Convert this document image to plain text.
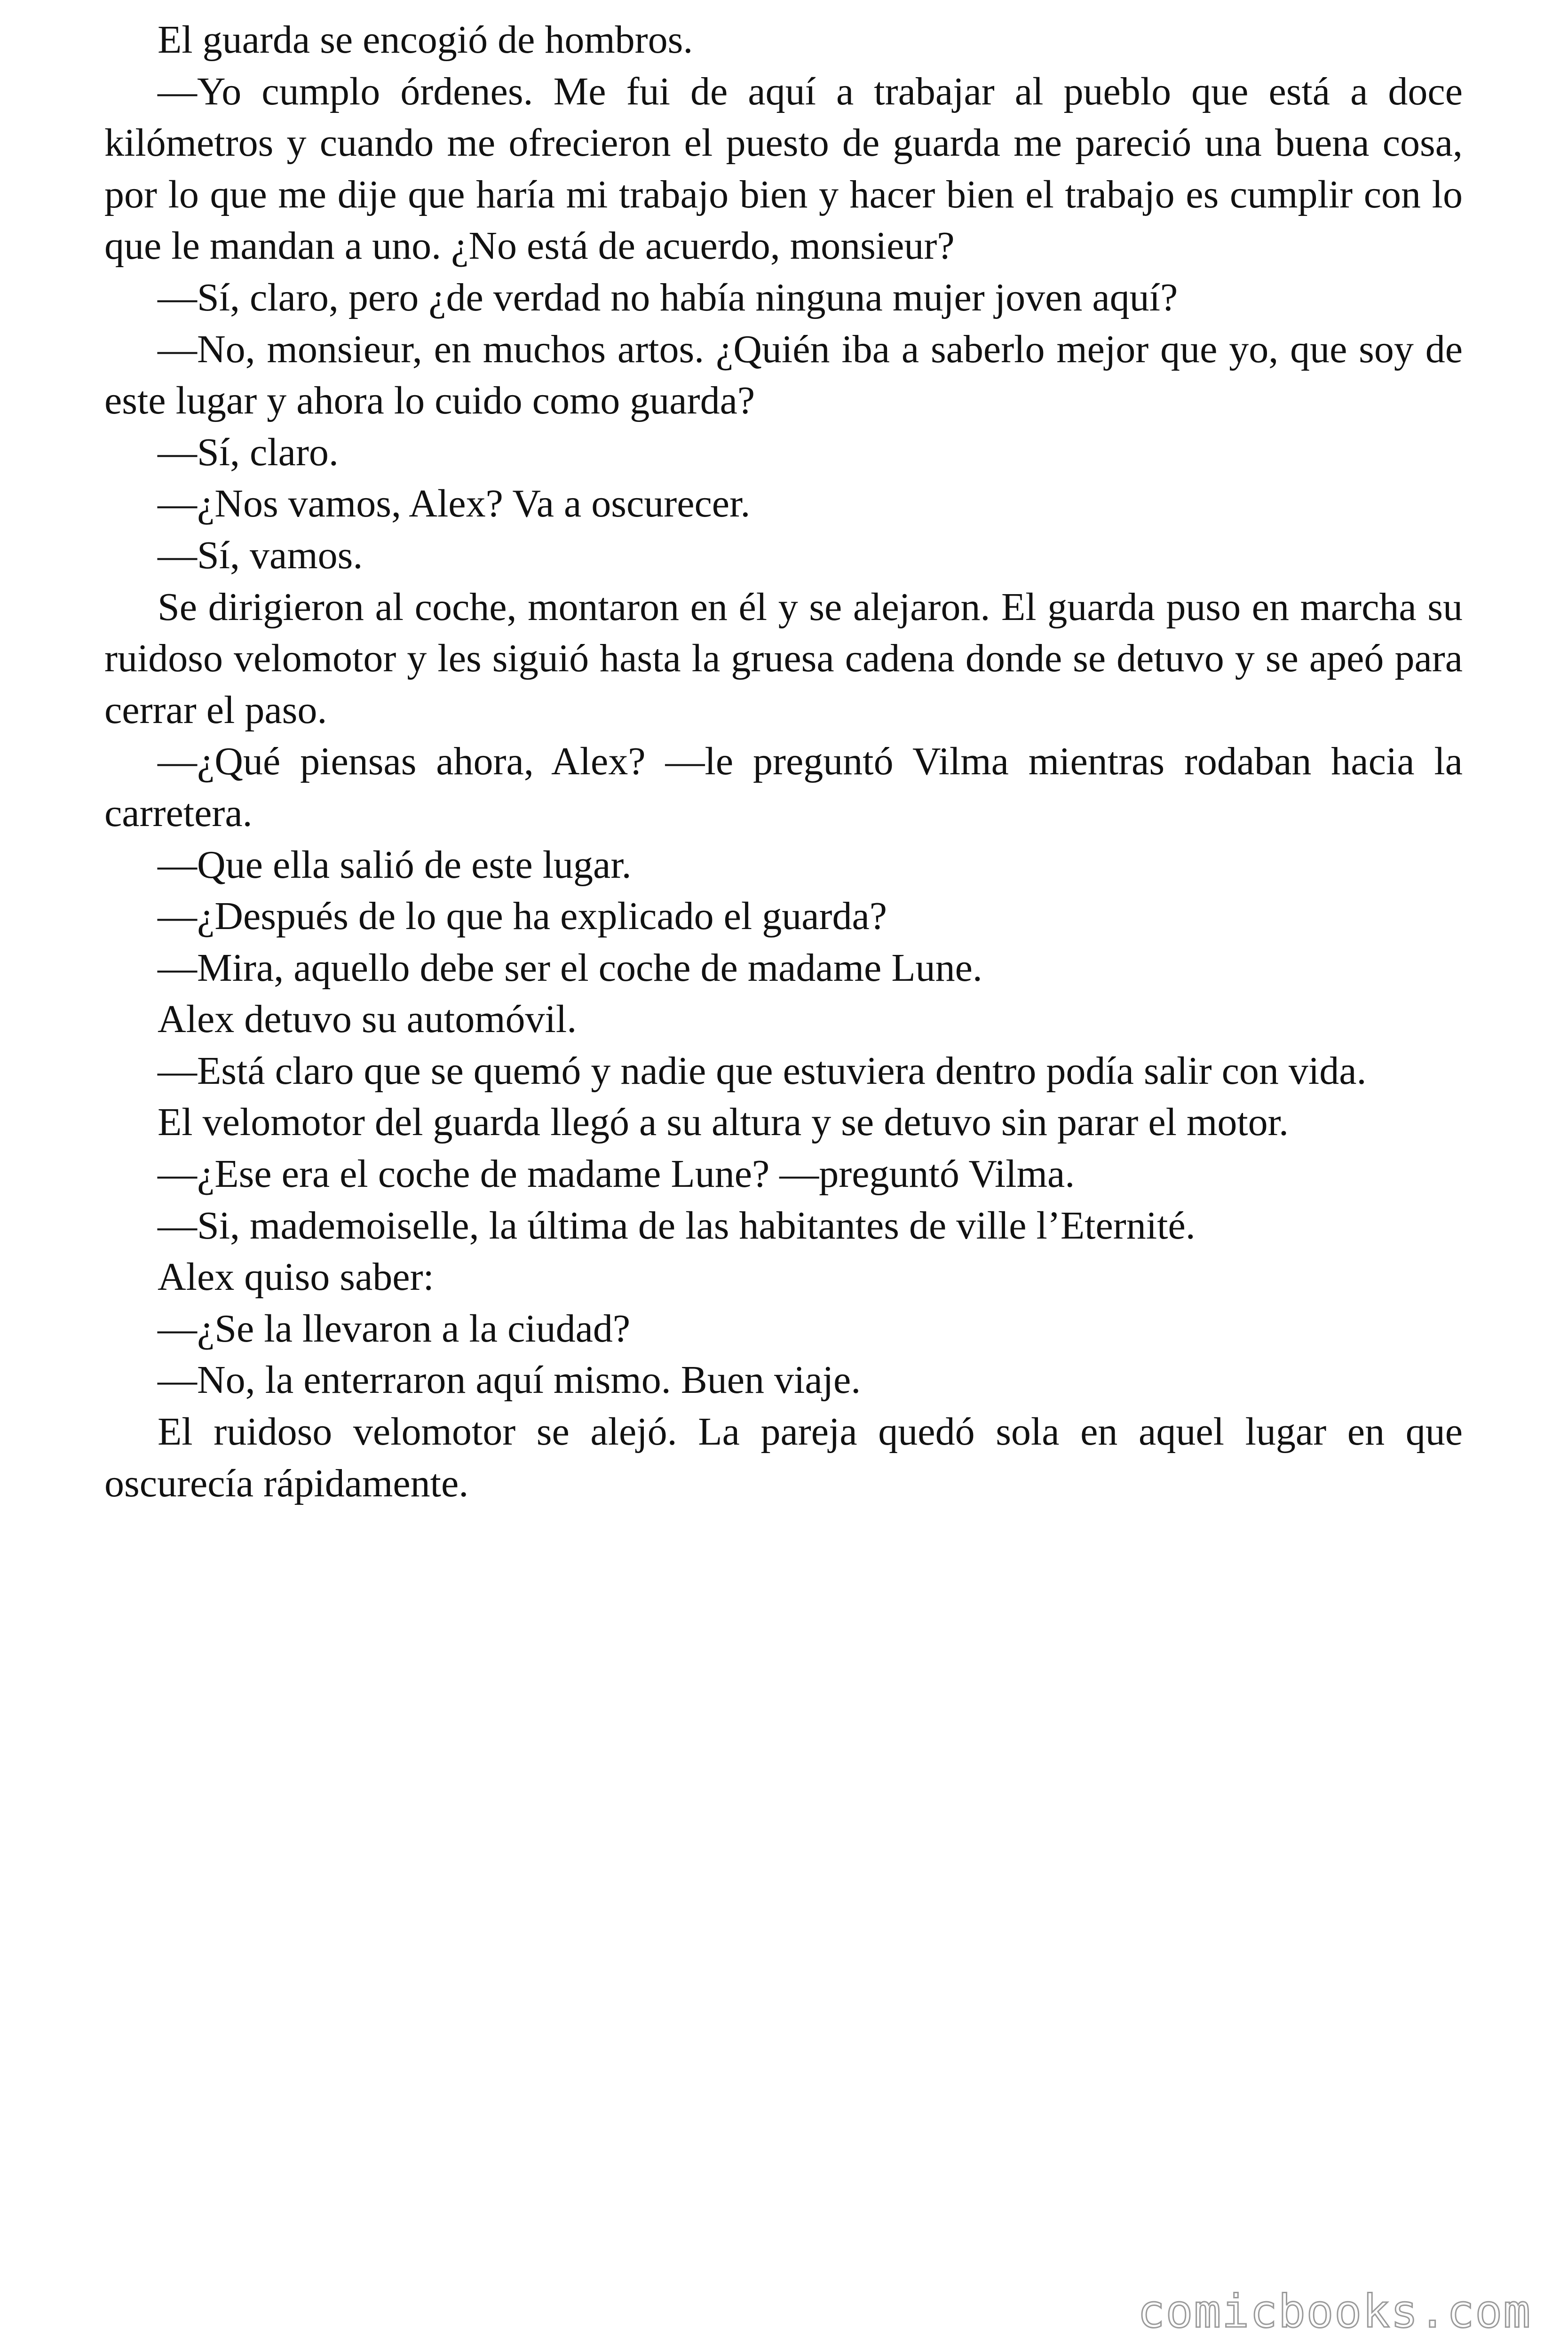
El guarda se encogió de hombros.

—Yo cumplo órdenes. Me fui de aquí a trabajar al pueblo que está a doce kilómetros y cuando me ofrecieron el puesto de guarda me pareció una buena cosa, por lo que me dije que haría mi trabajo bien y hacer bien el trabajo es cumplir con lo que le mandan a uno. ¿No está de acuerdo, monsieur?

—Sí, claro, pero ¿de verdad no había ninguna mujer joven aquí?

—No, monsieur, en muchos artos. ¿Quién iba a saberlo mejor que yo, que soy de este lugar y ahora lo cuido como guarda?

—Sí, claro.

—¿Nos vamos, Alex? Va a oscurecer.

—Sí, vamos.

Se dirigieron al coche, montaron en él y se alejaron. El guarda puso en marcha su ruidoso velomotor y les siguió hasta la gruesa cadena donde se detuvo y se apeó para cerrar el paso.

—¿Qué piensas ahora, Alex? —le preguntó Vilma mientras rodaban hacia la carretera.

—Que ella salió de este lugar.

—¿Después de lo que ha explicado el guarda?

—Mira, aquello debe ser el coche de madame Lune.

Alex detuvo su automóvil.

—Está claro que se quemó y nadie que estuviera dentro podía salir con vida.

El velomotor del guarda llegó a su altura y se detuvo sin parar el motor.

—¿Ese era el coche de madame Lune? —preguntó Vilma.

—Si, mademoiselle, la última de las habitantes de ville l’Eternité.

Alex quiso saber:

—¿Se la llevaron a la ciudad?

—No, la enterraron aquí mismo. Buen viaje.

El ruidoso velomotor se alejó. La pareja quedó sola en aquel lugar en que oscurecía rápidamente.

comicbooks.com
